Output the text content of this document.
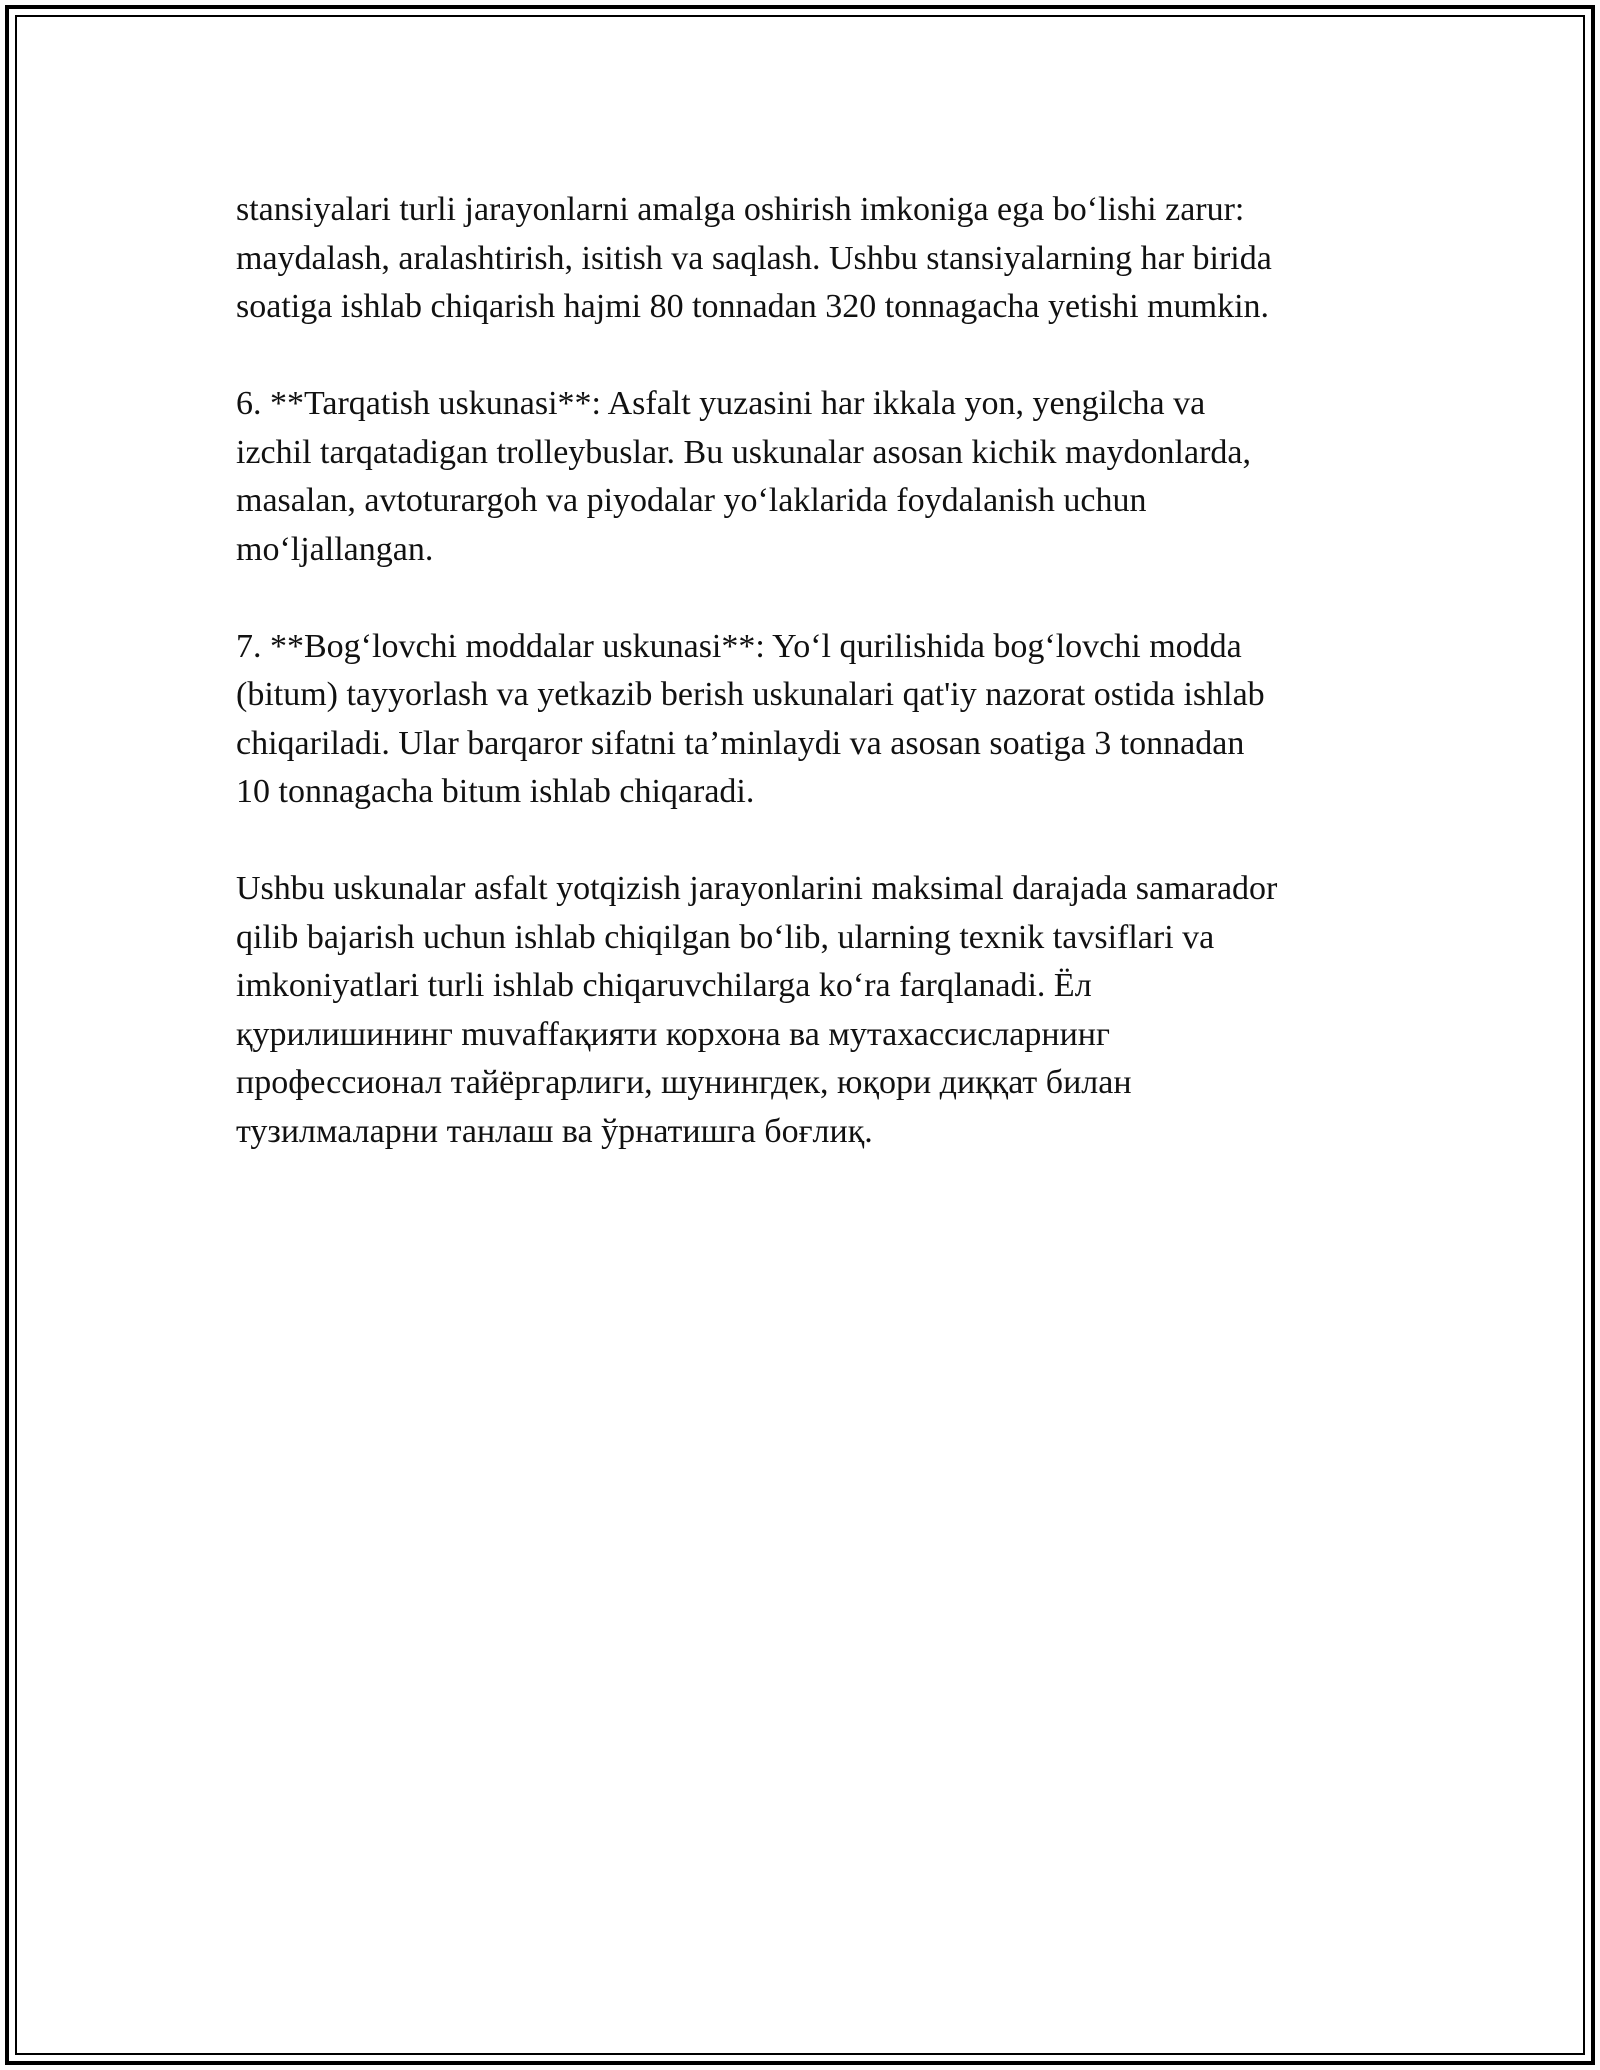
stansiyalari turli jarayonlarni amalga oshirish imkoniga ega bo‘lishi zarur:
maydalash, aralashtirish, isitish va saqlash. Ushbu stansiyalarning har birida
soatiga ishlab chiqarish hajmi 80 tonnadan 320 tonnagacha yetishi mumkin.

6. **Tarqatish uskunasi**: Asfalt yuzasini har ikkala yon, yengilcha va
izchil tarqatadigan trolleybuslar. Bu uskunalar asosan kichik maydonlarda,
masalan, avtoturargoh va piyodalar yo‘laklarida foydalanish uchun
mo‘ljallangan.

7. **Bog‘lovchi moddalar uskunasi**: Yo‘l qurilishida bog‘lovchi modda
(bitum) tayyorlash va yetkazib berish uskunalari qat'iy nazorat ostida ishlab
chiqariladi. Ular barqaror sifatni ta’minlaydi va asosan soatiga 3 tonnadan
10 tonnagacha bitum ishlab chiqaradi.

Ushbu uskunalar asfalt yotqizish jarayonlarini maksimal darajada samarador
qilib bajarish uchun ishlab chiqilgan bo‘lib, ularning texnik tavsiflari va
imkoniyatlari turli ishlab chiqaruvchilarga ko‘ra farqlanadi. Ёл
қурилишининг muvaffaқияти корхона ва мутахассисларнинг
профессионал тайёргарлиги, шунингдек, юқори диққат билан
тузилмаларни танлаш ва ўрнатишга боғлиқ.
